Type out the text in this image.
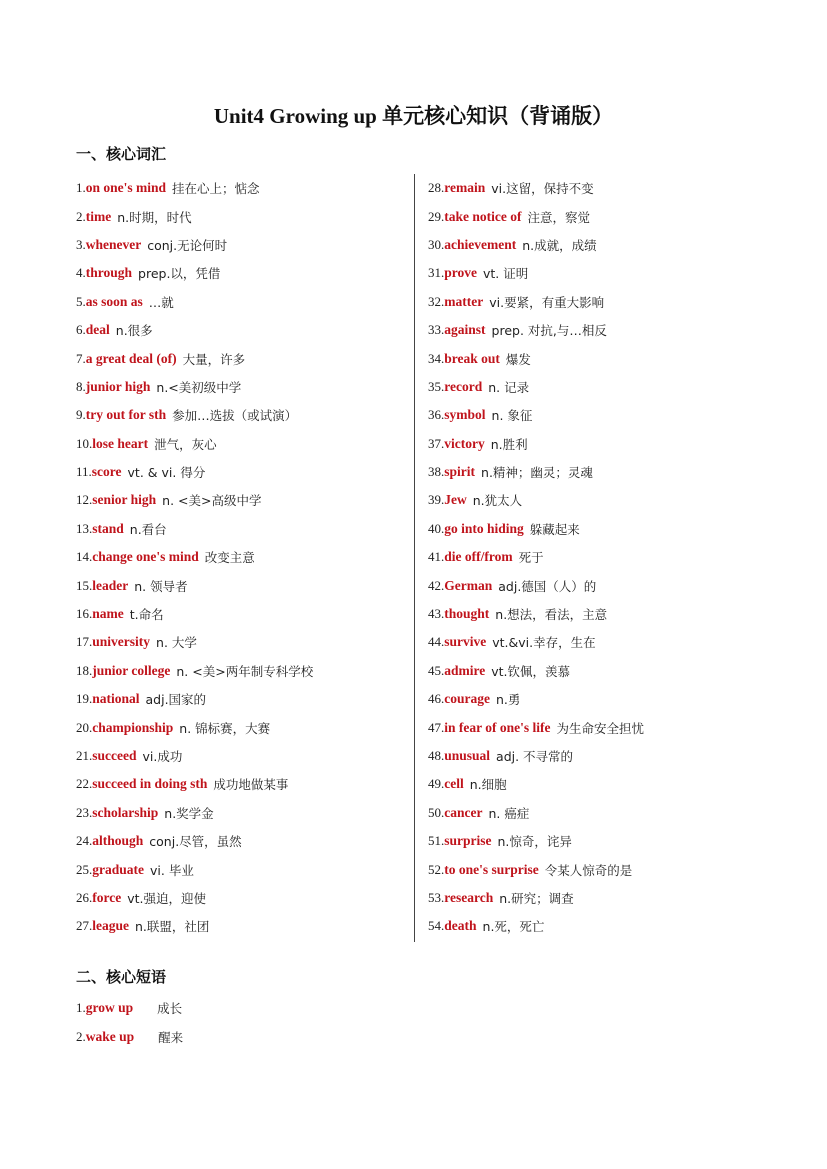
Unit4 Growing up 单元核心知识（背诵版）
一、核心词汇
1. on one's mind 挂在心上；惦念
2. time n.时期，时代
3. whenever conj.无论何时
4. through prep.以，凭借
5. as soon as …就
6. deal n.很多
7. a great deal (of) 大量，许多
8. junior high n.<美初级中学
9. try out for sth 参加…选拔（或试演）
10. lose heart 泄气，灰心
11. score vt. & vi. 得分
12. senior high n. <美>高级中学
13. stand n.看台
14. change one's mind 改变主意
15. leader n. 领导者
16. name t.命名
17. university n. 大学
18. junior college n. <美>两年制专科学校
19. national adj.国家的
20. championship n. 锦标赛，大赛
21. succeed vi.成功
22. succeed in doing sth 成功地做某事
23. scholarship n.奖学金
24. although conj.尽管，虽然
25. graduate vi. 毕业
26. force vt.强迫，迎使
27. league n.联盟，社团
28. remain vi.这留，保持不变
29. take notice of 注意，察觉
30. achievement n.成就，成绩
31. prove vt. 证明
32. matter vi.要紧，有重大影响
33. against prep. 对抗,与…相反
34. break out 爆发
35. record n. 记录
36. symbol n. 象征
37. victory n.胜利
38. spirit n.精神；幽灵；灵魂
39. Jew n.犹太人
40. go into hiding 躲藏起来
41. die off/from 死于
42. German adj.德国（人）的
43. thought n.想法，看法，主意
44. survive vt.&vi.幸存，生在
45. admire vt.钦佩，羡慕
46. courage n.勇
47. in fear of one's life 为生命安全担忧
48. unusual adj. 不寻常的
49. cell n.细胞
50. cancer n. 癌症
51. surprise n.惊奇，诧异
52. to one's surprise 令某人惊奇的是
53. research n.研究；调查
54. death n.死，死亡
二、核心短语
1. grow up 成长
2. wake up 醒来
